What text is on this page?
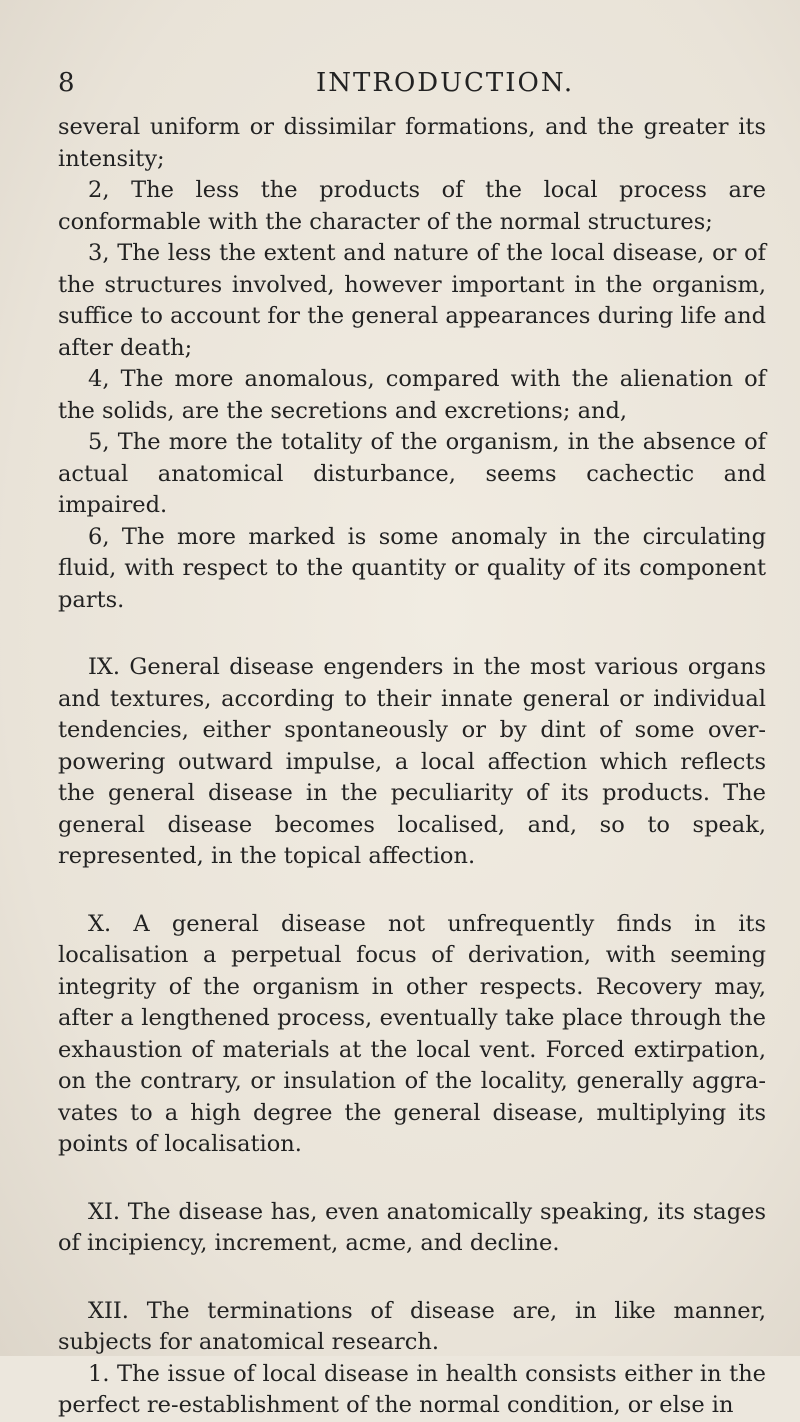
8	INTRODUCTION.

several uniform or dissimilar formations, and the greater its intensity;

2, The less the products of the local process are conformable with the character of the normal structures;

3, The less the extent and nature of the local disease, or of the structures involved, however important in the organism, suffice to account for the general appearances during life and after death;

4, The more anomalous, compared with the alienation of the solids, are the secretions and excretions; and,

5, The more the totality of the organism, in the absence of actual anatomical disturbance, seems cachectic and impaired.

6, The more marked is some anomaly in the circulating fluid, with respect to the quantity or quality of its component parts.

IX. General disease engenders in the most various organs and textures, according to their innate general or individual tendencies, either spontaneously or by dint of some over-powering outward impulse, a local affection which reflects the general disease in the peculiarity of its products. The general disease becomes localised, and, so to speak, represented, in the topical affection.

X. A general disease not unfrequently finds in its localisation a perpetual focus of derivation, with seeming integrity of the organism in other respects. Recovery may, after a lengthened process, eventually take place through the exhaustion of materials at the local vent. Forced extirpation, on the contrary, or insulation of the locality, generally aggra-vates to a high degree the general disease, multiplying its points of localisation.

XI. The disease has, even anatomically speaking, its stages of incipiency, increment, acme, and decline.

XII. The terminations of disease are, in like manner, subjects for anatomical research.

1. The issue of local disease in health consists either in the perfect re-establishment of the normal condition, or else in
